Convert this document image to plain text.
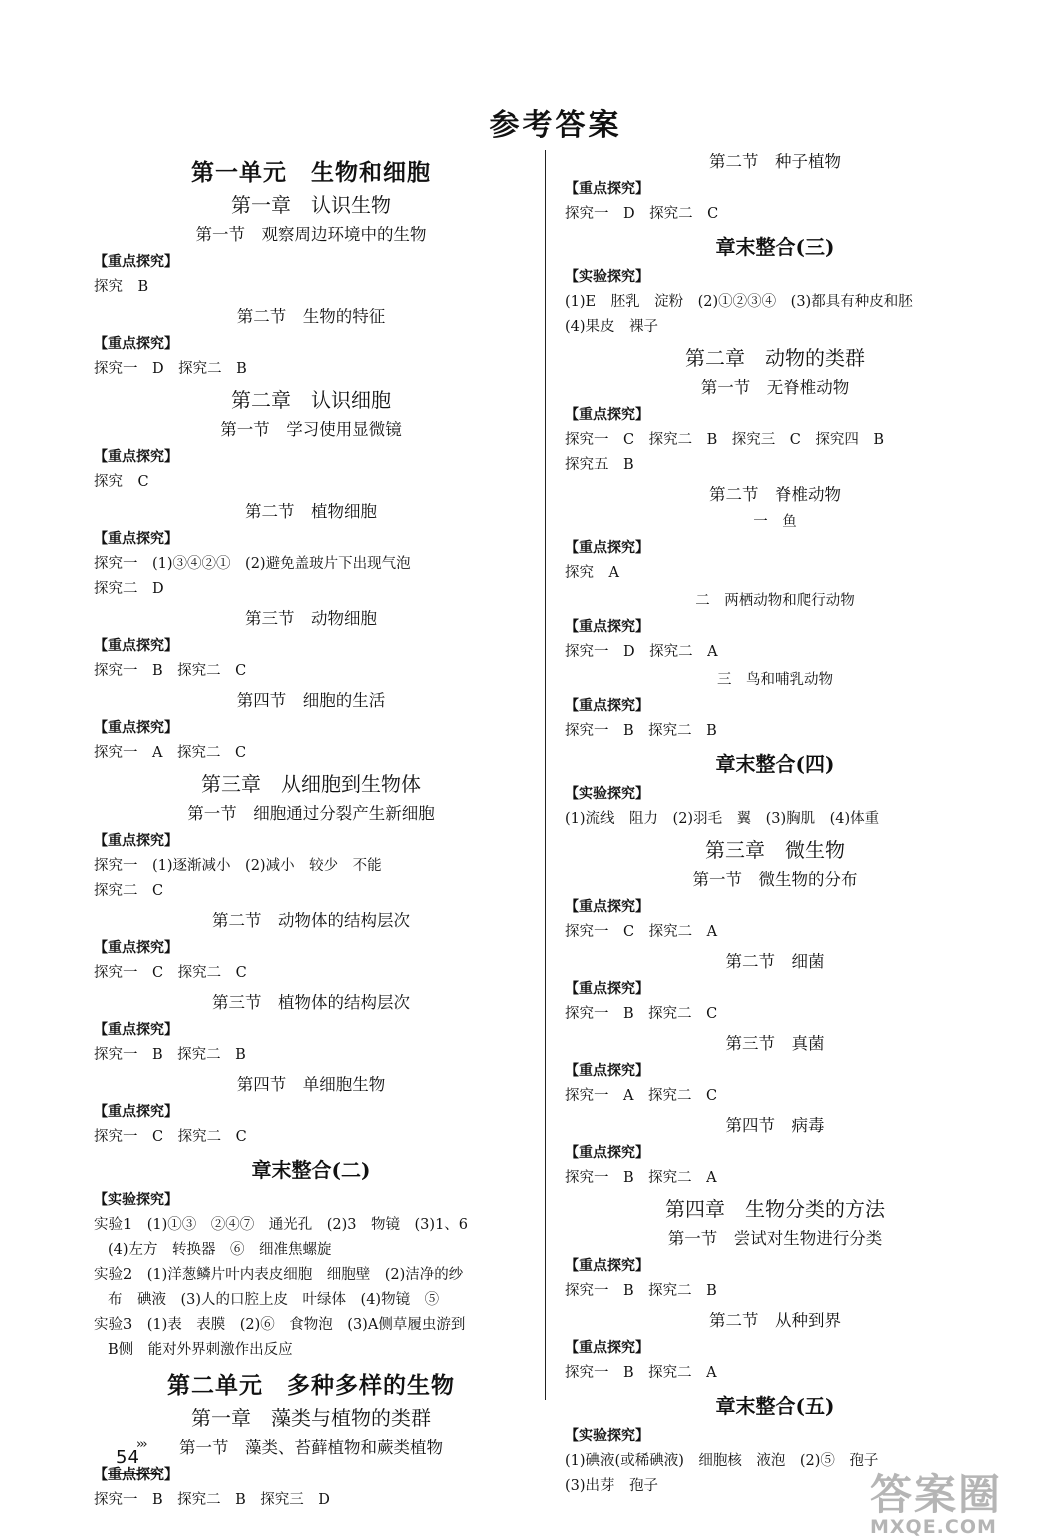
参考答案
第一单元　生物和细胞
第一章　认识生物
第一节　观察周边环境中的生物
【重点探究】
探究　B
第二节　生物的特征
【重点探究】
探究一　D　探究二　B
第二章　认识细胞
第一节　学习使用显微镜
【重点探究】
探究　C
第二节　植物细胞
【重点探究】
探究一　(1)③④②①　(2)避免盖玻片下出现气泡
探究二　D
第三节　动物细胞
【重点探究】
探究一　B　探究二　C
第四节　细胞的生活
【重点探究】
探究一　A　探究二　C
第三章　从细胞到生物体
第一节　细胞通过分裂产生新细胞
【重点探究】
探究一　(1)逐渐减小　(2)减小　较少　不能
探究二　C
第二节　动物体的结构层次
【重点探究】
探究一　C　探究二　C
第三节　植物体的结构层次
【重点探究】
探究一　B　探究二　B
第四节　单细胞生物
【重点探究】
探究一　C　探究二　C
章末整合(二)
【实验探究】
实验1　(1)①③　②④⑦　通光孔　(2)3　物镜　(3)1、6
(4)左方　转换器　⑥　细准焦螺旋
实验2　(1)洋葱鳞片叶内表皮细胞　细胞壁　(2)洁净的纱
布　碘液　(3)人的口腔上皮　叶绿体　(4)物镜　⑤
实验3　(1)表　表膜　(2)⑥　食物泡　(3)A侧草履虫游到
B侧　能对外界刺激作出反应
第二单元　多种多样的生物
第一章　藻类与植物的类群
第一节　藻类、苔藓植物和蕨类植物
【重点探究】
探究一　B　探究二　B　探究三　D
第二节　种子植物
【重点探究】
探究一　D　探究二　C
章末整合(三)
【实验探究】
(1)E　胚乳　淀粉　(2)①②③④　(3)都具有种皮和胚
(4)果皮　裸子
第二章　动物的类群
第一节　无脊椎动物
【重点探究】
探究一　C　探究二　B　探究三　C　探究四　B
探究五　B
第二节　脊椎动物
一　鱼
【重点探究】
探究　A
二　两栖动物和爬行动物
【重点探究】
探究一　D　探究二　A
三　鸟和哺乳动物
【重点探究】
探究一　B　探究二　B
章末整合(四)
【实验探究】
(1)流线　阻力　(2)羽毛　翼　(3)胸肌　(4)体重
第三章　微生物
第一节　微生物的分布
【重点探究】
探究一　C　探究二　A
第二节　细菌
【重点探究】
探究一　B　探究二　C
第三节　真菌
【重点探究】
探究一　A　探究二　C
第四节　病毒
【重点探究】
探究一　B　探究二　A
第四章　生物分类的方法
第一节　尝试对生物进行分类
【重点探究】
探究一　B　探究二　B
第二节　从种到界
【重点探究】
探究一　B　探究二　A
章末整合(五)
【实验探究】
(1)碘液(或稀碘液)　细胞核　液泡　(2)⑤　孢子
(3)出芽　孢子
›››
54
答案圈
MXQE.COM
